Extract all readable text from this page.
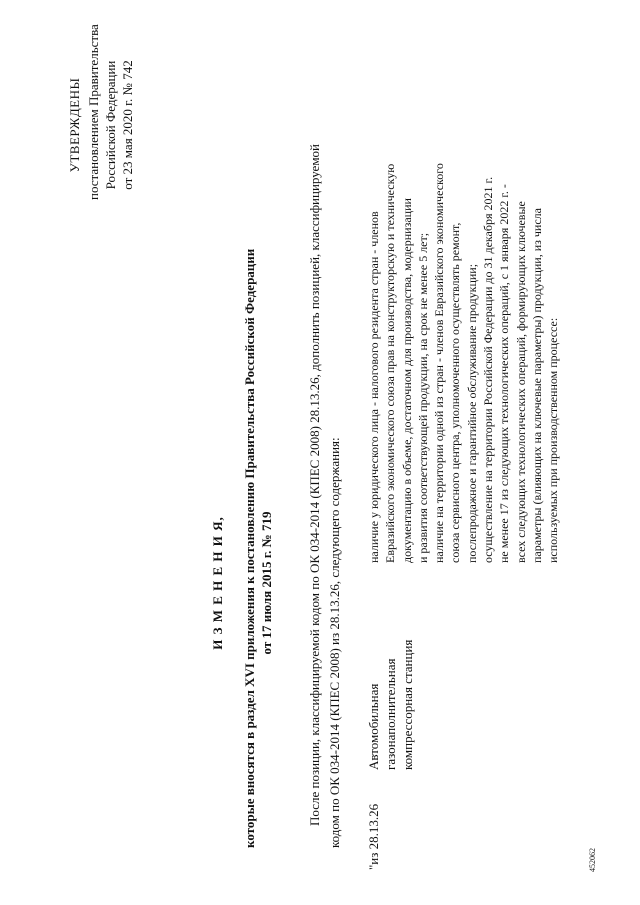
УТВЕРЖДЕНЫ постановлением Правительства Российской Федерации от 23 мая 2020 г. № 742
И З М Е Н Е Н И Я, которые вносятся в раздел XVI приложения к постановлению Правительства Российской Федерации от 17 июля 2015 г. № 719	После позиции, классифицируемой кодом по ОК 034-2014 (КПЕС 2008) 28.13.26, дополнить позицией, классифицируемой кодом по ОК 034-2014 (КПЕС 2008) из 28.13.26, следующего содержания: "из 28.13.26
Автомобильная газонаполнительная компрессорная станция
наличие у юридического лица - налогового резидента стран - членов Евразийского экономического союза прав на конструкторскую и техническую документацию в объеме, достаточном для производства, модернизации и развития соответствующей продукции, на срок не менее 5 лет; наличие на территории одной из стран - членов Евразийского экономического союза сервисного центра, уполномоченного осуществлять ремонт, послепродажное и гарантийное обслуживание продукции; осуществление на территории Российской Федерации до 31 декабря 2021 г. не менее 17 из следующих технологических операций, с 1 января 2022 г. - всех следующих технологических операций, формирующих ключевые параметры (влияющих на ключевые параметры) продукции, из числа используемых при производственном процессе:
452062
